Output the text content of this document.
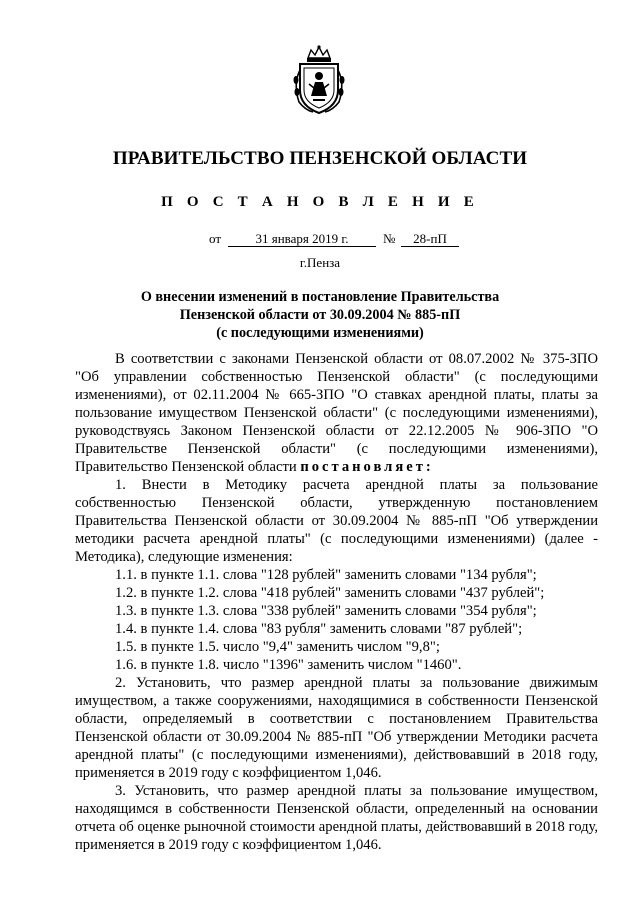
ПРАВИТЕЛЬСТВО ПЕНЗЕНСКОЙ ОБЛАСТИ
П О С Т А Н О В Л Е Н И Е
от	31 января 2019 г.	№	28-пП
г.Пенза
О внесении изменений в постановление Правительства
Пензенской области от 30.09.2004 № 885-пП
(с последующими изменениями)

В соответствии с законами Пензенской области от 08.07.2002 № 375-ЗПО "Об управлении собственностью Пензенской области" (с последующими изменениями), от 02.11.2004 № 665-ЗПО "О ставках арендной платы, платы за пользование имуществом Пензенской области" (с последующими изменениями), руководствуясь Законом Пензенской области от 22.12.2005 № 906-ЗПО "О Правительстве Пензенской области" (с последующими изменениями), Правительство Пензенской области постановляет:

1. Внести в Методику расчета арендной платы за пользование собственностью Пензенской области, утвержденную постановлением Правительства Пензенской области от 30.09.2004 № 885-пП "Об утверждении методики расчета арендной платы" (с последующими изменениями) (далее - Методика), следующие изменения:

1.1. в пункте 1.1. слова "128 рублей" заменить словами "134 рубля";

1.2. в пункте 1.2. слова "418 рублей" заменить словами "437 рублей";

1.3. в пункте 1.3. слова "338 рублей" заменить словами "354 рубля";

1.4. в пункте 1.4. слова "83 рубля" заменить словами "87 рублей";

1.5. в пункте 1.5. число "9,4" заменить числом "9,8";

1.6. в пункте 1.8. число "1396" заменить числом "1460".

2. Установить, что размер арендной платы за пользование движимым имуществом, а также сооружениями, находящимися в собственности Пензенской области, определяемый в соответствии с постановлением Правительства Пензенской области от 30.09.2004 № 885-пП "Об утверждении Методики расчета арендной платы" (с последующими изменениями), действовавший в 2018 году, применяется в 2019 году с коэффициентом 1,046.

3. Установить, что размер арендной платы за пользование имуществом, находящимся в собственности Пензенской области, определенный на основании отчета об оценке рыночной стоимости арендной платы, действовавший в 2018 году, применяется в 2019 году с коэффициентом 1,046.
